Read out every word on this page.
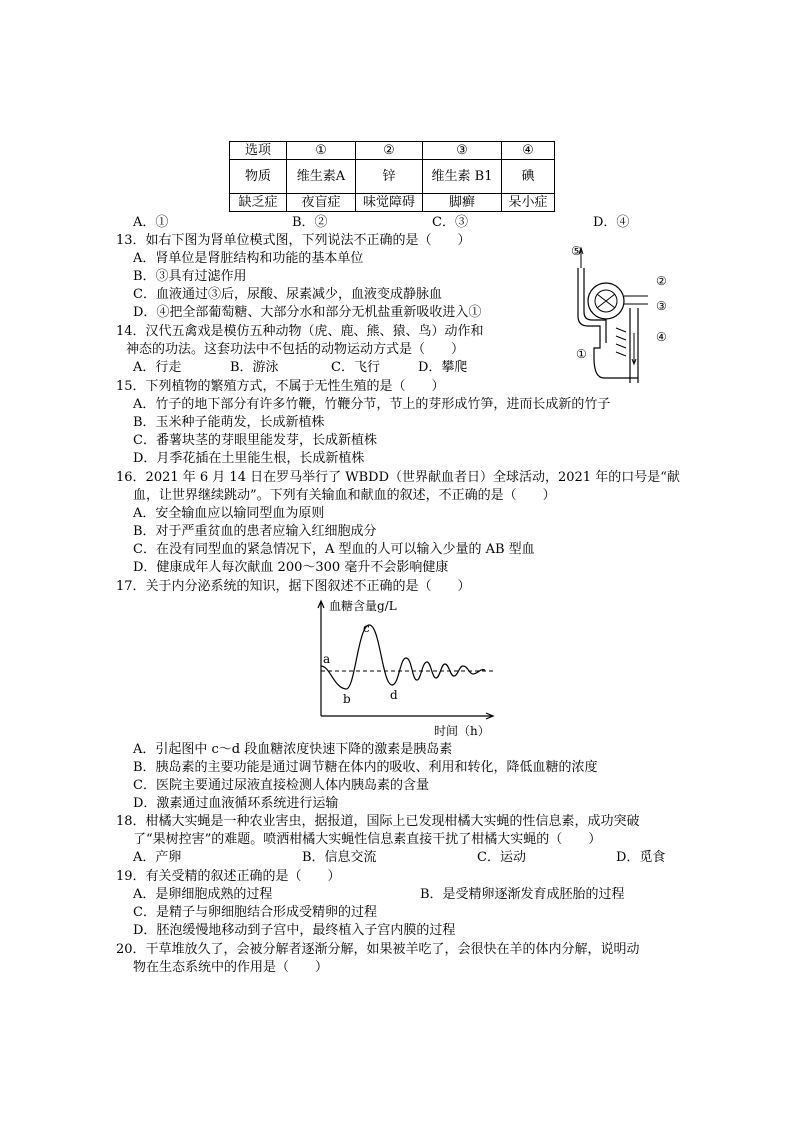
选项	①	②	③	④
物质	维生素A	锌	维生素 B1	碘
缺乏症	夜盲症	味觉障碍	脚癣	呆小症
A．①	B．②	C．③	D．④
13．如右下图为肾单位模式图，下列说法不正确的是（　　）
A．肾单位是肾脏结构和功能的基本单位
B．③具有过滤作用
C．血液通过③后，尿酸、尿素减少，血液变成静脉血
D．④把全部葡萄糖、大部分水和部分无机盐重新吸收进入①
⑤
②
③
④
①
14．汉代五禽戏是模仿五种动物（虎、鹿、熊、猿、鸟）动作和
神态的功法。这套功法中不包括的动物运动方式是（　　）
A．行走	B．游泳	C．飞行	D．攀爬
15．下列植物的繁殖方式，不属于无性生殖的是（　　）
A．竹子的地下部分有许多竹鞭，竹鞭分节，节上的芽形成竹笋，进而长成新的竹子
B．玉米种子能萌发，长成新植株
C．番薯块茎的芽眼里能发芽，长成新植株
D．月季花插在土里能生根，长成新植株
16．2021 年 6 月 14 日在罗马举行了 WBDD（世界献血者日）全球活动，2021 年的口号是“献
血，让世界继续跳动”。下列有关输血和献血的叙述，不正确的是（　　）
A．安全输血应以输同型血为原则
B．对于严重贫血的患者应输入红细胞成分
C．在没有同型血的紧急情况下，A 型血的人可以输入少量的 AB 型血
D．健康成年人每次献血 200～300 毫升不会影响健康
17．关于内分泌系统的知识，据下图叙述不正确的是（　　）
血糖含量g/L
时间（h）
a
b
c
d
A．引起图中 c～d 段血糖浓度快速下降的激素是胰岛素
B．胰岛素的主要功能是通过调节糖在体内的吸收、利用和转化，降低血糖的浓度
C．医院主要通过尿液直接检测人体内胰岛素的含量
D．激素通过血液循环系统进行运输
18．柑橘大实蝇是一种农业害虫，据报道，国际上已发现柑橘大实蝇的性信息素，成功突破
了“果树控害”的难题。喷洒柑橘大实蝇性信息素直接干扰了柑橘大实蝇的（　　）
A．产卵	B．信息交流	C．运动	D．觅食
19．有关受精的叙述正确的是（　　）
A．是卵细胞成熟的过程	B．是受精卵逐渐发育成胚胎的过程
C．是精子与卵细胞结合形成受精卵的过程
D．胚泡缓慢地移动到子宫中，最终植入子宫内膜的过程
20．干草堆放久了，会被分解者逐渐分解，如果被羊吃了，会很快在羊的体内分解，说明动
物在生态系统中的作用是（　　）
